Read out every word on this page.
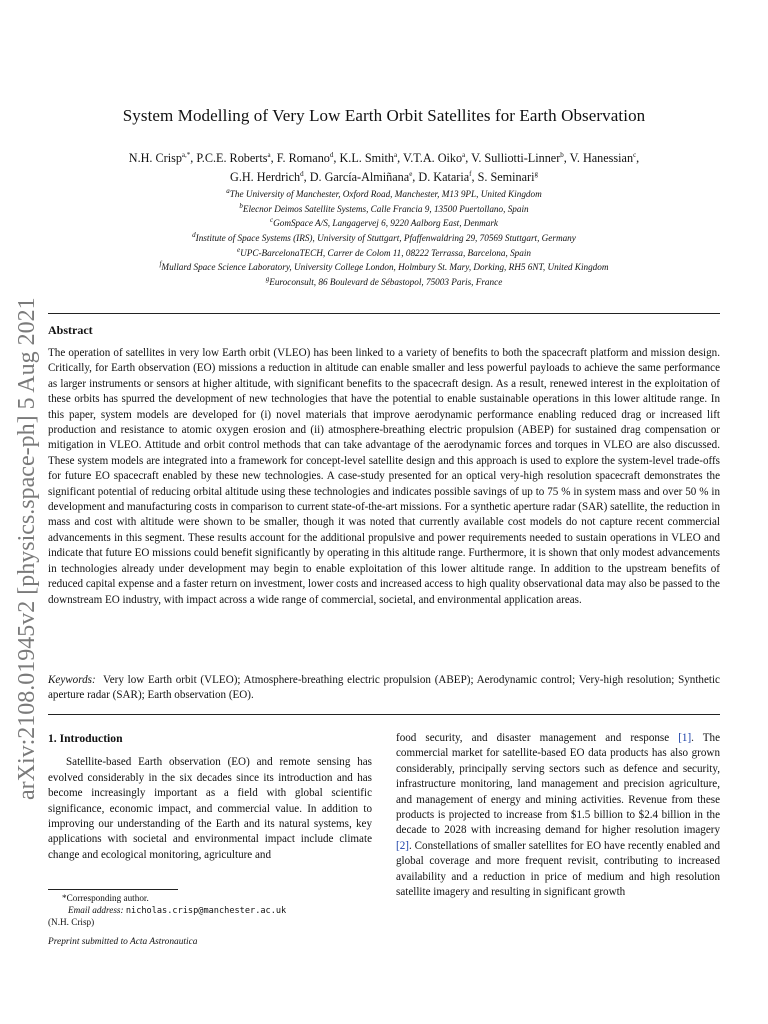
arXiv:2108.01945v2 [physics.space-ph] 5 Aug 2021
System Modelling of Very Low Earth Orbit Satellites for Earth Observation
N.H. Crisp$^{a,*}$, P.C.E. Roberts$^a$, F. Romano$^d$, K.L. Smith$^a$, V.T.A. Oiko$^a$, V. Sulliotti-Linner$^b$, V. Hanessian$^c$,
G.H. Herdrich$^d$, D. García-Almiñana$^e$, D. Kataria$^f$, S. Seminari$^g$
$^a$The University of Manchester, Oxford Road, Manchester, M13 9PL, United Kingdom
$^b$Elecnor Deimos Satellite Systems, Calle Francia 9, 13500 Puertollano, Spain
$^c$GomSpace A/S, Langagervej 6, 9220 Aalborg East, Denmark
$^d$Institute of Space Systems (IRS), University of Stuttgart, Pfaffenwaldring 29, 70569 Stuttgart, Germany
$^e$UPC-BarcelonaTECH, Carrer de Colom 11, 08222 Terrassa, Barcelona, Spain
$^f$Mullard Space Science Laboratory, University College London, Holmbury St. Mary, Dorking, RH5 6NT, United Kingdom
$^g$Euroconsult, 86 Boulevard de Sébastopol, 75003 Paris, France
Abstract
The operation of satellites in very low Earth orbit (VLEO) has been linked to a variety of benefits to both the spacecraft platform and mission design. Critically, for Earth observation (EO) missions a reduction in altitude can enable smaller and less powerful payloads to achieve the same performance as larger instruments or sensors at higher altitude, with significant benefits to the spacecraft design. As a result, renewed interest in the exploitation of these orbits has spurred the development of new technologies that have the potential to enable sustainable operations in this lower altitude range. In this paper, system models are developed for (i) novel materials that improve aerodynamic performance enabling reduced drag or increased lift production and resistance to atomic oxygen erosion and (ii) atmosphere-breathing electric propulsion (ABEP) for sustained drag compensation or mitigation in VLEO. Attitude and orbit control methods that can take advantage of the aerodynamic forces and torques in VLEO are also discussed. These system models are integrated into a framework for concept-level satellite design and this approach is used to explore the system-level trade-offs for future EO spacecraft enabled by these new technologies. A case-study presented for an optical very-high resolution spacecraft demonstrates the significant potential of reducing orbital altitude using these technologies and indicates possible savings of up to 75 % in system mass and over 50 % in development and manufacturing costs in comparison to current state-of-the-art missions. For a synthetic aperture radar (SAR) satellite, the reduction in mass and cost with altitude were shown to be smaller, though it was noted that currently available cost models do not capture recent commercial advancements in this segment. These results account for the additional propulsive and power requirements needed to sustain operations in VLEO and indicate that future EO missions could benefit significantly by operating in this altitude range. Furthermore, it is shown that only modest advancements in technologies already under development may begin to enable exploitation of this lower altitude range. In addition to the upstream benefits of reduced capital expense and a faster return on investment, lower costs and increased access to high quality observational data may also be passed to the downstream EO industry, with impact across a wide range of commercial, societal, and environmental application areas.
Keywords: Very low Earth orbit (VLEO); Atmosphere-breathing electric propulsion (ABEP); Aerodynamic control; Very-high resolution; Synthetic aperture radar (SAR); Earth observation (EO).
1. Introduction

Satellite-based Earth observation (EO) and remote sensing has evolved considerably in the six decades since its introduction and has become increasingly important as a field with global scientific significance, economic impact, and commercial value. In addition to improving our understanding of the Earth and its natural systems, key applications with societal and environmental impact include climate change and ecological monitoring, agriculture and

food security, and disaster management and response [1]. The commercial market for satellite-based EO data products has also grown considerably, principally serving sectors such as defence and security, infrastructure monitoring, land management and precision agriculture, and management of energy and mining activities. Revenue from these products is projected to increase from $1.5 billion to $2.4 billion in the decade to 2028 with increasing demand for higher resolution imagery [2]. Constellations of smaller satellites for EO have recently enabled and global coverage and more frequent revisit, contributing to increased availability and a reduction in price of medium and high resolution satellite imagery and resulting in significant growth

*Corresponding author.
Email address: nicholas.crisp@manchester.ac.uk
(N.H. Crisp)
Preprint submitted to Acta Astronautica
